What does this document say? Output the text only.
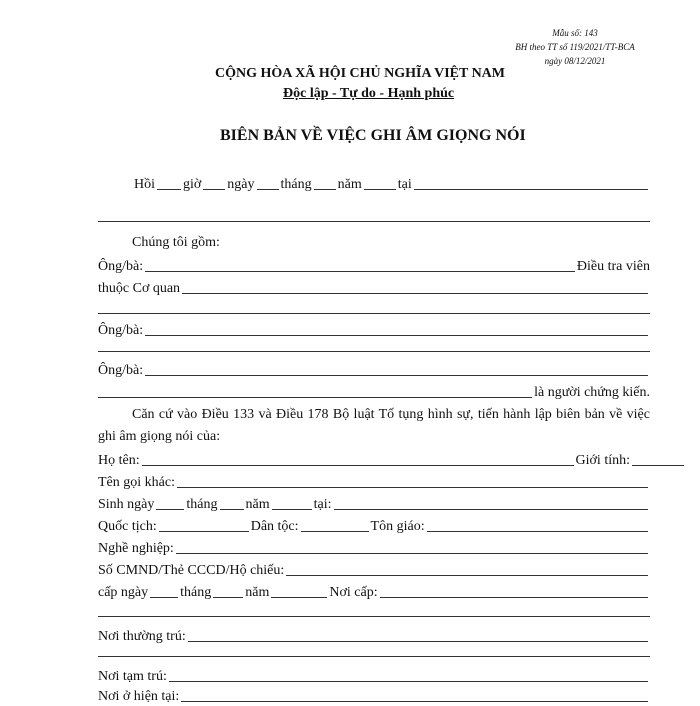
Mẫu số: 143
BH theo TT số 119/2021/TT-BCA
ngày 08/12/2021
CỘNG HÒA XÃ HỘI CHỦ NGHĨA VIỆT NAM
Độc lập - Tự do - Hạnh phúc
BIÊN BẢN VỀ VIỆC GHI ÂM GIỌNG NÓI
Hồi giờ ngày tháng năm	tại
Chúng tôi gồm:
Ông/bà:	Điều tra viên
thuộc Cơ quan
Ông/bà:
Ông/bà:
là người chứng kiến.
Căn cứ vào Điều 133 và Điều 178 Bộ luật Tố tụng hình sự, tiến hành lập biên bản về việc ghi âm giọng nói của:
Họ tên:	Giới tính:
Tên gọi khác:
Sinh ngày tháng năm	tại:
Quốc tịch:	Dân tộc:	Tôn giáo:
Nghề nghiệp:
Số CMND/Thẻ CCCD/Hộ chiếu:
cấp ngày tháng năm	Nơi cấp:
Nơi thường trú:
Nơi tạm trú:
Nơi ở hiện tại:
